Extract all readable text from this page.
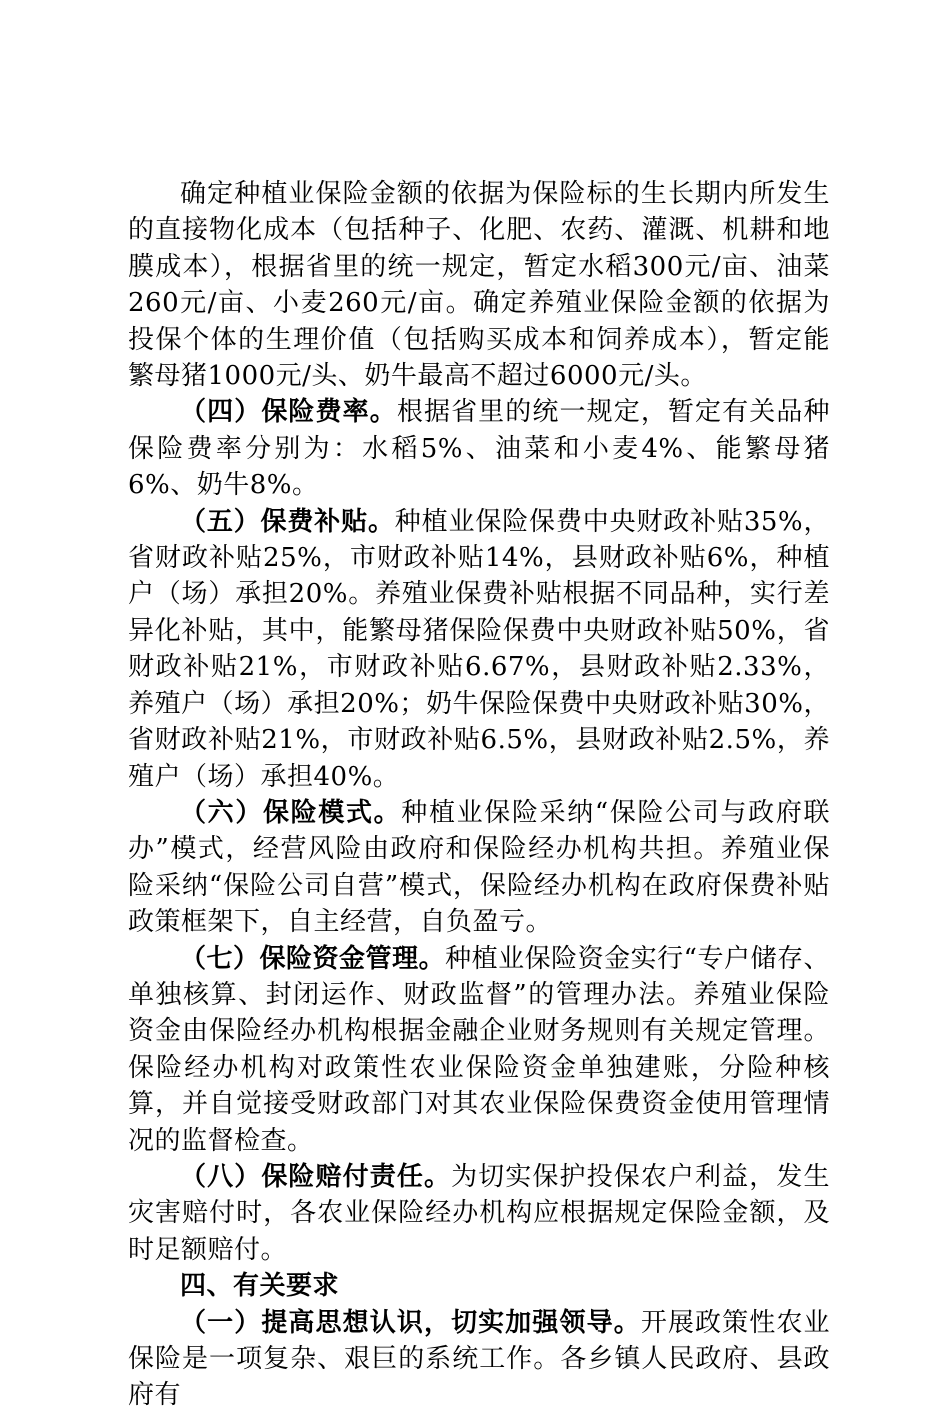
确定种植业保险金额的依据为保险标的生长期内所发生的直接物化成本（包括种子、化肥、农药、灌溉、机耕和地膜成本），根据省里的统一规定，暂定水稻300元/亩、油菜260元/亩、小麦260元/亩。确定养殖业保险金额的依据为投保个体的生理价值（包括购买成本和饲养成本），暂定能繁母猪1000元/头、奶牛最高不超过6000元/头。

（四）保险费率。根据省里的统一规定，暂定有关品种保险费率分别为：水稻5%、油菜和小麦4%、能繁母猪6%、奶牛8%。

（五）保费补贴。种植业保险保费中央财政补贴35%，省财政补贴25%，市财政补贴14%，县财政补贴6%，种植户（场）承担20%。养殖业保费补贴根据不同品种，实行差异化补贴，其中，能繁母猪保险保费中央财政补贴50%，省财政补贴21%，市财政补贴6.67%，县财政补贴2.33%，养殖户（场）承担20%；奶牛保险保费中央财政补贴30%，省财政补贴21%，市财政补贴6.5%，县财政补贴2.5%，养殖户（场）承担40%。

（六）保险模式。种植业保险采纳“保险公司与政府联办”模式，经营风险由政府和保险经办机构共担。养殖业保险采纳“保险公司自营”模式，保险经办机构在政府保费补贴政策框架下，自主经营，自负盈亏。

（七）保险资金管理。种植业保险资金实行“专户储存、单独核算、封闭运作、财政监督”的管理办法。养殖业保险资金由保险经办机构根据金融企业财务规则有关规定管理。保险经办机构对政策性农业保险资金单独建账，分险种核算，并自觉接受财政部门对其农业保险保费资金使用管理情况的监督检查。

（八）保险赔付责任。为切实保护投保农户利益，发生灾害赔付时，各农业保险经办机构应根据规定保险金额，及时足额赔付。

四、有关要求

（一）提高思想认识，切实加强领导。开展政策性农业保险是一项复杂、艰巨的系统工作。各乡镇人民政府、县政府有
